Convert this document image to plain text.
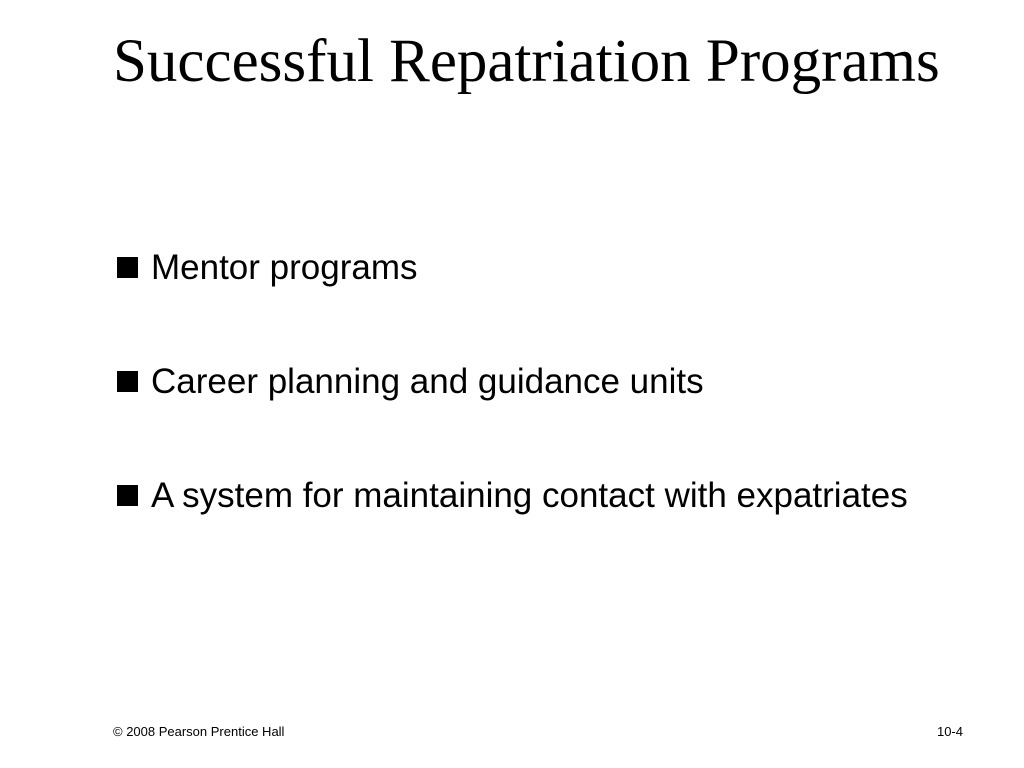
Successful Repatriation Programs
Mentor programs
Career planning and guidance units
A system for maintaining contact with expatriates
© 2008 Pearson Prentice Hall	10-4
